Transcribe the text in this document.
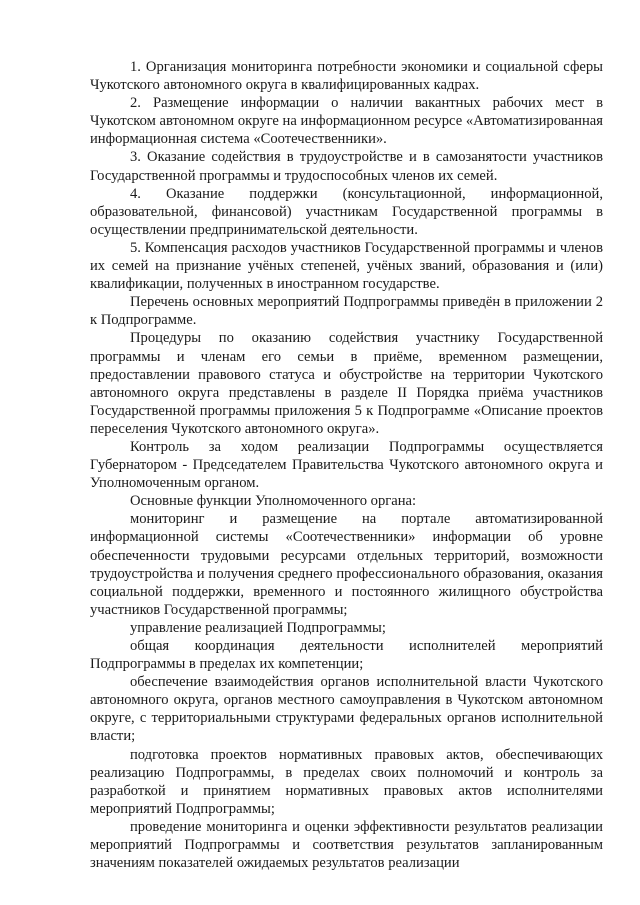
1. Организация мониторинга потребности экономики и социальной сферы Чукотского автономного округа в квалифицированных кадрах.

2. Размещение информации о наличии вакантных рабочих мест в Чукотском автономном округе на информационном ресурсе «Автоматизированная информационная система «Соотечественники».

3. Оказание содействия в трудоустройстве и в самозанятости участников Государственной программы и трудоспособных членов их семей.

4. Оказание поддержки (консультационной, информационной, образовательной, финансовой) участникам Государственной программы в осуществлении предпринимательской деятельности.

5. Компенсация расходов участников Государственной программы и членов их семей на признание учёных степеней, учёных званий, образования и (или) квалификации, полученных в иностранном государстве.

Перечень основных мероприятий Подпрограммы приведён в приложении 2 к Подпрограмме.

Процедуры по оказанию содействия участнику Государственной программы и членам его семьи в приёме, временном размещении, предоставлении правового статуса и обустройстве на территории Чукотского автономного округа представлены в разделе II Порядка приёма участников Государственной программы приложения 5 к Подпрограмме «Описание проектов переселения Чукотского автономного округа».

Контроль за ходом реализации Подпрограммы осуществляется Губернатором - Председателем Правительства Чукотского автономного округа и Уполномоченным органом.

Основные функции Уполномоченного органа:

мониторинг и размещение на портале автоматизированной информационной системы «Соотечественники» информации об уровне обеспеченности трудовыми ресурсами отдельных территорий, возможности трудоустройства и получения среднего профессионального образования, оказания социальной поддержки, временного и постоянного жилищного обустройства участников Государственной программы;

управление реализацией Подпрограммы;

общая координация деятельности исполнителей мероприятий Подпрограммы в пределах их компетенции;

обеспечение взаимодействия органов исполнительной власти Чукотского автономного округа, органов местного самоуправления в Чукотском автономном округе, с территориальными структурами федеральных органов исполнительной власти;

подготовка проектов нормативных правовых актов, обеспечивающих реализацию Подпрограммы, в пределах своих полномочий и контроль за разработкой и принятием нормативных правовых актов исполнителями мероприятий Подпрограммы;

проведение мониторинга и оценки эффективности результатов реализации мероприятий Подпрограммы и соответствия результатов запланированным значениям показателей ожидаемых результатов реализации
